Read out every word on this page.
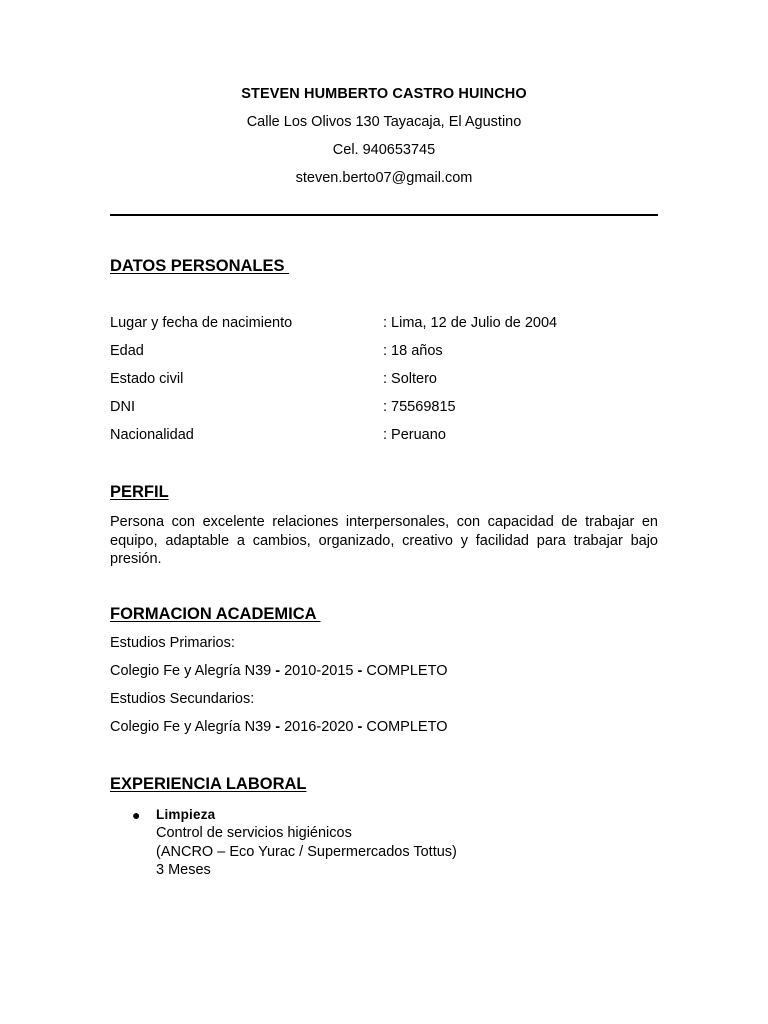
STEVEN HUMBERTO CASTRO HUINCHO
Calle Los Olivos 130 Tayacaja, El Agustino
Cel. 940653745
steven.berto07@gmail.com
DATOS PERSONALES
Lugar y fecha de nacimiento	: Lima, 12 de Julio de 2004
Edad	: 18 años
Estado civil	: Soltero
DNI	: 75569815
Nacionalidad	: Peruano
PERFIL
Persona con excelente relaciones interpersonales, con capacidad de trabajar en equipo, adaptable a cambios, organizado, creativo y facilidad para trabajar bajo presión.
FORMACION ACADEMICA
Estudios Primarios:
Colegio Fe y Alegría N39 - 2010-2015 - COMPLETO
Estudios Secundarios:
Colegio Fe y Alegría N39 - 2016-2020 - COMPLETO
EXPERIENCIA LABORAL
● Limpieza
Control de servicios higiénicos
(ANCRO – Eco Yurac / Supermercados Tottus)
3 Meses
